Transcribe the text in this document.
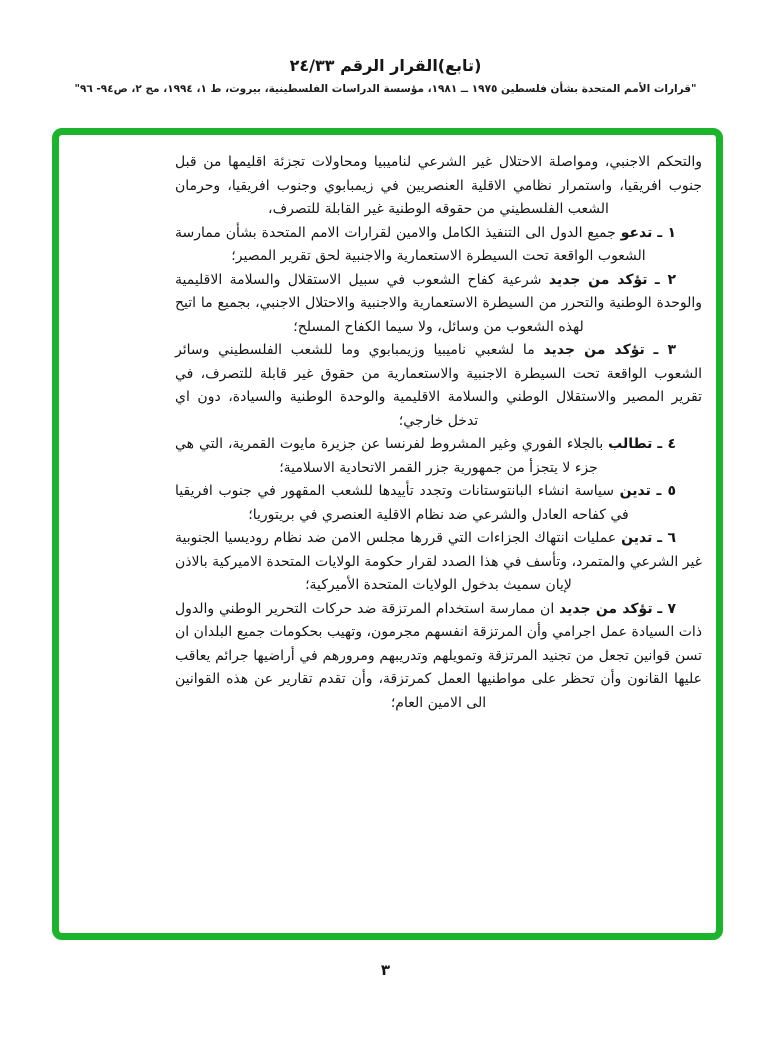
(تابع)القرار الرقم ٢٤/٣٣
"قرارات الأمم المتحدة بشأن فلسطين ١٩٧٥ ــ ١٩٨١، مؤسسة الدراسات الفلسطينية، بيروت، ط ١، ١٩٩٤، مج ٢، ص٩٤- ٩٦"

والتحكم الاجنبي، ومواصلة الاحتلال غير الشرعي لناميبيا ومحاولات تجزئة اقليمها من قبل جنوب افريقيا، واستمرار نظامي الاقلية العنصريين في زيمبابوي وجنوب افريقيا، وحرمان الشعب الفلسطيني من حقوقه الوطنية غير القابلة للتصرف،

١ ـ تدعو جميع الدول الى التنفيذ الكامل والامين لقرارات الامم المتحدة بشأن ممارسة الشعوب الواقعة تحت السيطرة الاستعمارية والاجنبية لحق تقرير المصير؛

٢ ـ تؤكد من جديد شرعية كفاح الشعوب في سبيل الاستقلال والسلامة الاقليمية والوحدة الوطنية والتحرر من السيطرة الاستعمارية والاجنبية والاحتلال الاجنبي، بجميع ما اتيح لهذه الشعوب من وسائل، ولا سيما الكفاح المسلح؛

٣ ـ تؤكد من جديد ما لشعبي ناميبيا وزيمبابوي وما للشعب الفلسطيني وسائر الشعوب الواقعة تحت السيطرة الاجنبية والاستعمارية من حقوق غير قابلة للتصرف، في تقرير المصير والاستقلال الوطني والسلامة الاقليمية والوحدة الوطنية والسيادة، دون اي تدخل خارجي؛

٤ ـ تطالب بالجلاء الفوري وغير المشروط لفرنسا عن جزيرة مايوت القمرية، التي هي جزء لا يتجزأ من جمهورية جزر القمر الاتحادية الاسلامية؛

٥ ـ تدين سياسة انشاء البانتوستانات وتجدد تأييدها للشعب المقهور في جنوب افريقيا في كفاحه العادل والشرعي ضد نظام الاقلية العنصري في بريتوريا؛

٦ ـ تدين عمليات انتهاك الجزاءات التي قررها مجلس الامن ضد نظام روديسيا الجنوبية غير الشرعي والمتمرد، وتأسف في هذا الصدد لقرار حكومة الولايات المتحدة الاميركية بالاذن لإيان سميث بدخول الولايات المتحدة الأميركية؛

٧ ـ تؤكد من جديد ان ممارسة استخدام المرتزقة ضد حركات التحرير الوطني والدول ذات السيادة عمل اجرامي وأن المرتزقة انفسهم مجرمون، وتهيب بحكومات جميع البلدان ان تسن قوانين تجعل من تجنيد المرتزقة وتمويلهم وتدريبهم ومرورهم في أراضيها جرائم يعاقب عليها القانون وأن تحظر على مواطنيها العمل كمرتزقة، وأن تقدم تقارير عن هذه القوانين الى الامين العام؛

٣
